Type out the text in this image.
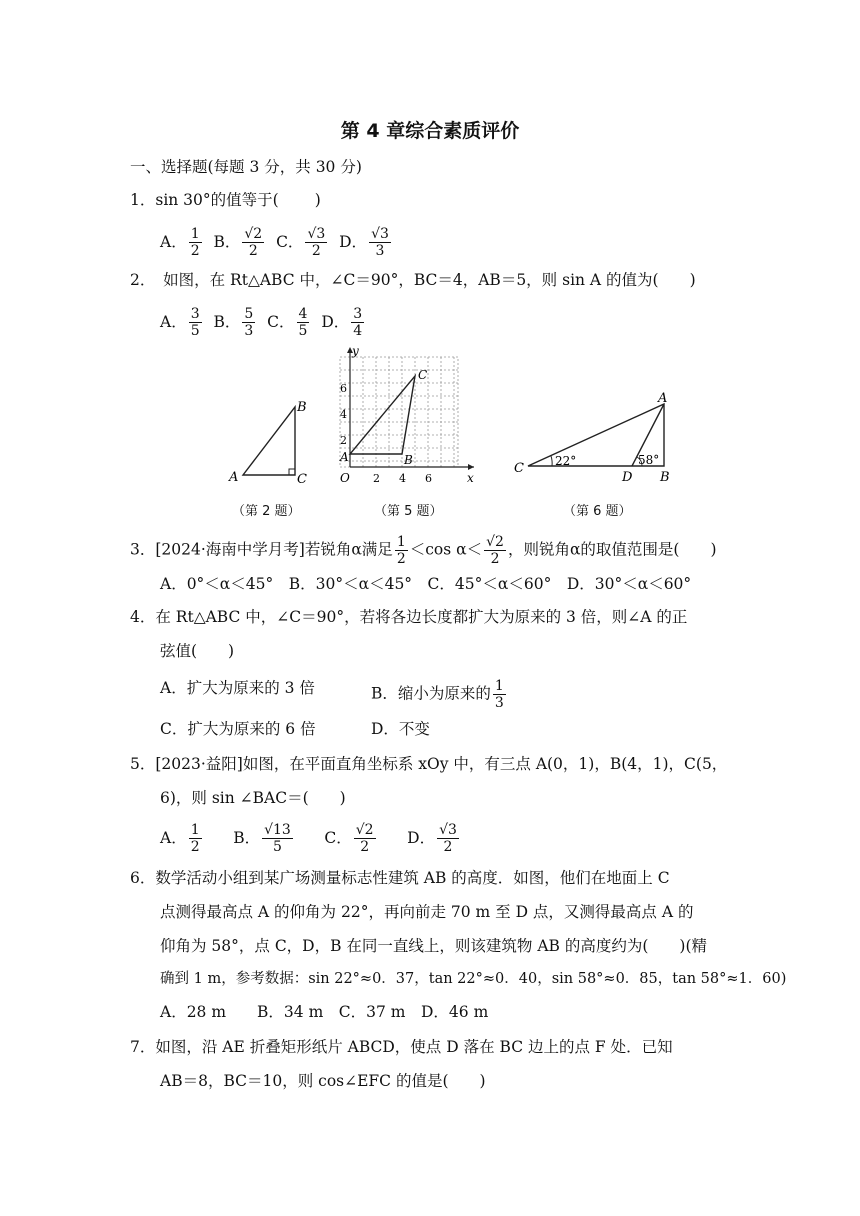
第 4 章综合素质评价
一、选择题(每题 3 分，共 30 分)
1．sin 30°的值等于( )
A． $\frac{1}{2}$ B． $\frac{√2}{2}$ C． $\frac{√3}{2}$ D． $\frac{√3}{3}$
2．　如图，在 Rt△ABC 中，∠C＝90°，BC＝4，AB＝5，则 sin A 的值为(　　)
A． $\frac{3}{5}$ B． $\frac{5}{3}$ C． $\frac{4}{5}$ D． $\frac{3}{4}$
A
B
C
（第 2 题）
y
x
O
A	B
C
2
4
6
2 4 6
（第 5 题）
C
A
D B
22°	58°
（第 6 题）
3．[2024·海南中学月考]若锐角α满足 $\frac{1}{2} <\cos$ $\alpha< \frac{√2}{2}$ ，则锐角α的取值范围是(　　)
A．0°＜α＜45°　B．30°＜α＜45°　C．45°＜α＜60°　D．30°＜α＜60°
4．在 Rt△ABC 中，∠C＝90°，若将各边长度都扩大为原来的 3 倍，则∠A 的正
弦值(　　)
A．扩大为原来的 3 倍	B．缩小为原来的 $\frac{1}{3}$
C．扩大为原来的 6 倍	D．不变
5．[2023·益阳]如图，在平面直角坐标系 xOy 中，有三点 A(0，1)，B(4，1)，C(5，
6)，则 sin ∠BAC＝(　　)
A． $\frac{1}{2}$ B． $\frac{√13}{5}$ C． $\frac{√2}{2}$ D． $\frac{√3}{2}$
6．数学活动小组到某广场测量标志性建筑 AB 的高度．如图，他们在地面上 C
点测得最高点 A 的仰角为 22°，再向前走 70 m 至 D 点，又测得最高点 A 的
仰角为 58°，点 C，D，B 在同一直线上，则该建筑物 AB 的高度约为(　　)(精
确到 1 m，参考数据：sin 22°≈0．37，tan 22°≈0．40，sin 58°≈0．85，tan 58°≈1．60)
A．28 m　　B．34 m　C．37 m　D．46 m
7．如图，沿 AE 折叠矩形纸片 ABCD，使点 D 落在 BC 边上的点 F 处．已知
AB＝8，BC＝10，则 cos∠EFC 的值是(　　)
